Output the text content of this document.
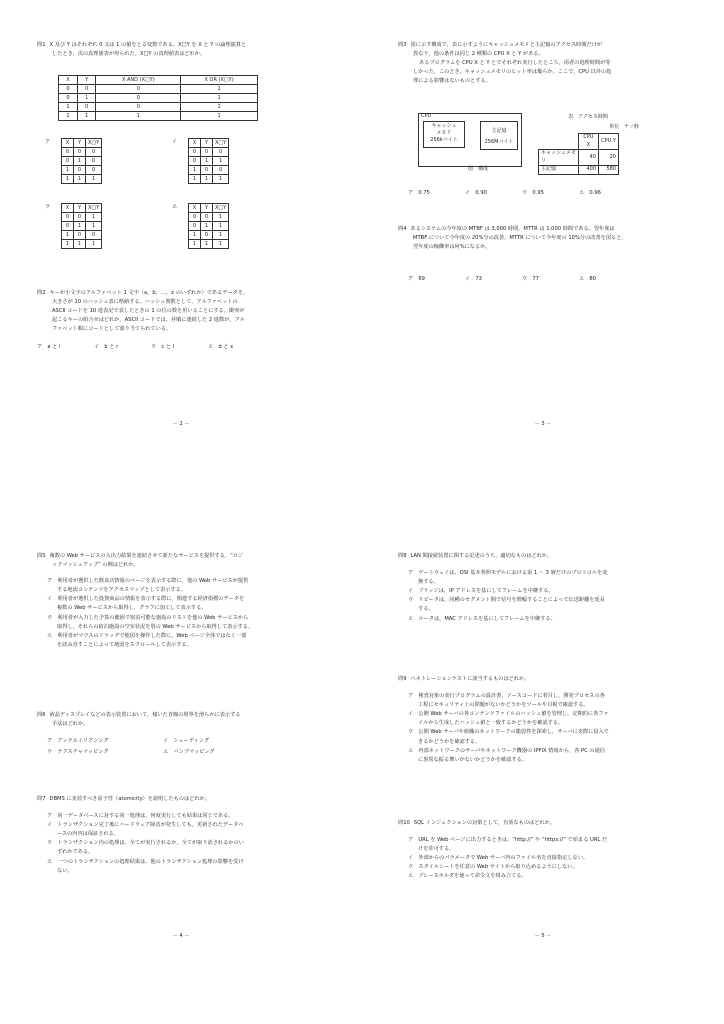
問1 X 及び Y はそれぞれ 0 又は 1 の値をとる変数である。X□Y を X と Y の論理演算と
したとき，次の真理値表が得られた。X□Y の真理値表はどれか。
X	Y	X AND (X□Y)	X OR (X□Y)
0	0	0	1
0	1	0	1
1	0	0	1
1	1	1	1
ア	X	Y	X□Y
0	0	0
0	1	0
1	0	0
1	1	1
イ	X	Y	X□Y
0	0	0
0	1	1
1	0	0
1	1	1
ウ	X	Y	X□Y
0	0	1
0	1	1
1	0	0
1	1	1
エ	X	Y	X□Y
0	0	1
0	1	1
1	0	1
1	1	1
問2 キーが小文字のアルファベット 1 文字（a，b，…，z のいずれか）であるデータを，
大きさが 10 のハッシュ表に格納する。ハッシュ関数として，アルファベットの
ASCII コードを 10 進表記で表したときの 1 の位の数を用いることにする。衝突が
起こるキーの組合せはどれか。ASCII コードでは，昇順に連続した 2 進数が，アル
ファベット順にコードとして割り当てられている。
ア　a と i	イ　b と r	ウ　c と l	エ　d と x
－ 2 －
問3 図に示す構成で，表に示すようにキャッシュメモリと主記憶のアクセス時間だけが
異なり，他の条件は同じ 2 種類の CPU X と Y がある。
あるプログラムを CPU X と Y とでそれぞれ実行したところ，両者の処理時間が等
しかった。このとき，キャッシュメモリのヒット率は幾らか。ここで，CPU 以外の処
理による影響はないものとする。
CPU
キャッシュ
メモリ
256kバイト
主記憶
256Mバイト
図　構成
表　アクセス時間
単位　ナノ秒
	CPU X	CPU Y
キャッシュメモリ	40	20
主記憶	400	580
ア　0.75	イ　0.90	ウ　0.95	エ　0.96
問4 あるシステムの今年度の MTBF は 3,000 時間，MTTR は 1,000 時間である。翌年度は
MTBF について今年度の 20%分の改善，MTTR について今年度の 10%分の改善を図ると，
翌年度の稼働率は何%になるか。
ア　69	イ　73	ウ　77	エ　80
－ 3 －
問5 複数の Web サービスの入出力結果を連結させて新たなサービスを提供する，“ロジ
ックマッシュアップ” の例はどれか。
ア　利用者が選択した飲食店情報のページを表示する際に，他の Web サービスが提供
する地図コンテンツをアクセスマップとして表示する。
イ　利用者が選択した投資商品の情報を表示する際に，関連する経済指標のデータを
複数の Web サービスから取得し，グラフに加工して表示する。
ウ　利用者が入力した予算の範囲で宿泊可能な施設のリストを他の Web サービスから
取得し，それらの宿泊施設の空室状況を別の Web サービスから取得して表示する。
エ　利用者がマウスのドラッグで地図を操作した際に，Web ページ全体ではなく一部
を読み直すことによって地図をスクロールして表示する。
問6 液晶ディスプレイなどの表示装置において，傾いた直線の境界を滑らかに表示する
手法はどれか。
ア　アンチエイリアシング	イ　シェーディング
ウ　テクスチャマッピング	エ　バンプマッピング
問7 DBMS に実装すべき原子性（atomicity）を説明したものはどれか。
ア　同一データベースに対する同一処理は，何度実行しても結果は同じである。
イ　トランザクション完了後にハードウェア障害が発生しても，更新されたデータベ
ースの内容は保証される。
ウ　トランザクション内の処理は，全てが実行されるか，全てが取り消されるかのい
ずれかである。
エ　一つのトランザクションの処理結果は，他のトランザクション処理の影響を受け
ない。
－ 4 －
問8 LAN 間接続装置に関する記述のうち，適切なものはどれか。
ア　ゲートウェイは，OSI 基本参照モデルにおける第 1 ～ 3 層だけのプロトコルを変
換する。
イ　ブリッジは，IP アドレスを基にしてフレームを中継する。
ウ　リピータは，同種のセグメント間で信号を増幅することによって伝送距離を延長
する。
エ　ルータは，MAC アドレスを基にしてフレームを中継する。
問9 ペネトレーションテストに該当するものはどれか。
ア　検査対象の実行プログラムの設計書，ソースコードに着目し，開発プロセスの各
工程にセキュリティ上の問題がないかどうかをツールや目視で確認する。
イ　公開 Web サーバの各コンテンツファイルのハッシュ値を管理し，定期的に各ファ
イルから生成したハッシュ値と一致するかどうかを確認する。
ウ　公開 Web サーバや組織のネットワークの脆弱性を探索し，サーバに実際に侵入で
きるかどうかを確認する。
エ　内部ネットワークのサーバやネットワーク機器の IPFIX 情報から，各 PC の通信
に異常な振る舞いがないかどうかを確認する。
問10 SQL インジェクションの対策として，有効なものはどれか。
ア　URL を Web ページに出力するときは，“http://” や “https://” で始まる URL だ
けを許可する。
イ　外部からのパラメータで Web サーバ内のファイル名を直接指定しない。
ウ　スタイルシートを任意の Web サイトから取り込めるようにしない。
エ　プレースホルダを使って命令文を組み立てる。
－ 5 －
